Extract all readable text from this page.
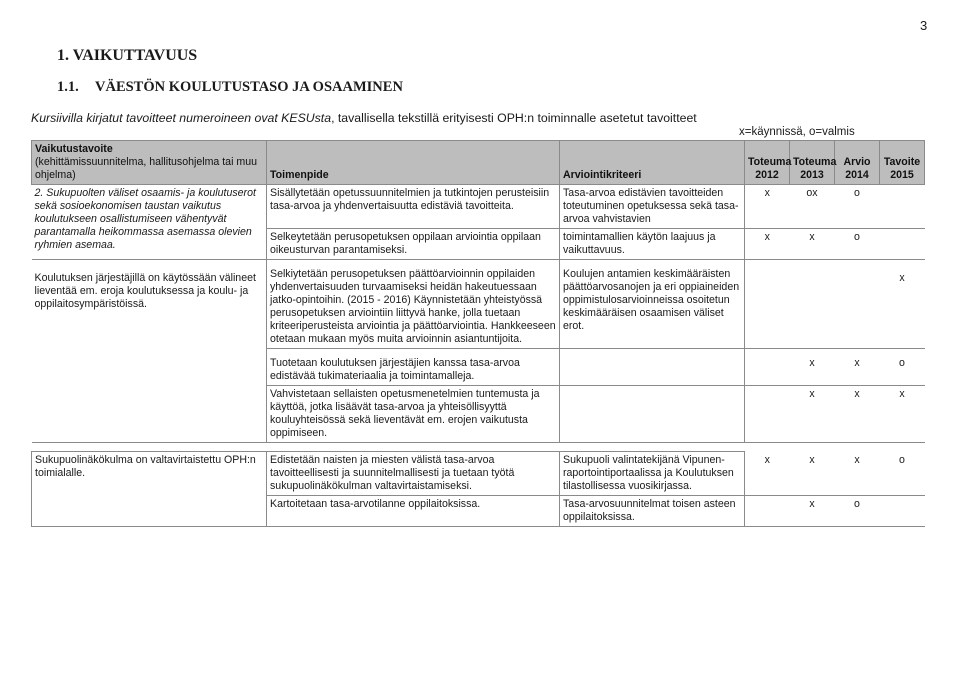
3
1. VAIKUTTAVUUS
1.1. VÄESTÖN KOULUTUSTASO JA OSAAMINEN
Kursiivilla kirjatut tavoitteet numeroineen ovat KESUsta, tavallisella tekstillä erityisesti OPH:n toiminnalle asetetut tavoitteet
x=käynnissä, o=valmis
Vaikutustavoite
(kehittämissuunnitelma, hallitusohjelma tai muu ohjelma)	Toimenpide	Arviointikriteeri	Toteuma 2012	Toteuma 2013	Arvio 2014	Tavoite 2015
2. Sukupuolten väliset osaamis- ja koulutuserot sekä sosioekonomisen taustan vaikutus koulutukseen osallistumiseen vähentyvät parantamalla heikommassa asemassa olevien ryhmien asemaa.	Sisällytetään opetussuunnitelmien ja tutkintojen perusteisiin tasa-arvoa ja yhdenvertaisuutta edistäviä tavoitteita.	Tasa-arvoa edistävien tavoitteiden toteutuminen opetuksessa sekä tasa-arvoa vahvistavien	x	ox	o	
	Selkeytetään perusopetuksen oppilaan arviointia oppilaan oikeusturvan parantamiseksi.	toimintamallien käytön laajuus ja vaikuttavuus.	x	x	o	
Koulutuksen järjestäjillä on käytössään välineet lieventää em. eroja koulutuksessa ja koulu- ja oppilaitosympäristöissä.	Selkiytetään perusopetuksen päättöarvioinnin oppilaiden yhdenvertaisuuden turvaamiseksi heidän hakeutuessaan jatko-opintoihin. (2015 - 2016) Käynnistetään yhteistyössä perusopetuksen arviointiin liittyvä hanke, jolla tuetaan kriteeriperusteista arviointia ja päättöarviointia. Hankkeeseen otetaan mukaan myös muita arvioinnin asiantuntijoita.	Koulujen antamien keskimääräisten päättöarvosanojen ja eri oppiaineiden oppimistulosarvioinneissa osoitetun keskimääräisen osaamisen väliset erot.				x
	Tuotetaan koulutuksen järjestäjien kanssa tasa-arvoa edistävää tukimateriaalia ja toimintamalleja.			x	x	o
	Vahvistetaan sellaisten opetusmenetelmien tuntemusta ja käyttöä, jotka lisäävät tasa-arvoa ja yhteisöllisyyttä kouluyhteisössä sekä lieventävät em. erojen vaikutusta oppimiseen.			x	x	x

Sukupuolinäkökulma on valtavirtaistettu OPH:n toimialalle.	Edistetään naisten ja miesten välistä tasa-arvoa tavoitteellisesti ja suunnitelmallisesti ja tuetaan työtä sukupuolinäkökulman valtavirtaistamiseksi.	Sukupuoli valintatekijänä Vipunen-raportointiportaalissa ja Koulutuksen tilastollisessa vuosikirjassa.	x	x	x	o
	Kartoitetaan tasa-arvotilanne oppilaitoksissa.	Tasa-arvosuunnitelmat toisen asteen oppilaitoksissa.		x	o	
